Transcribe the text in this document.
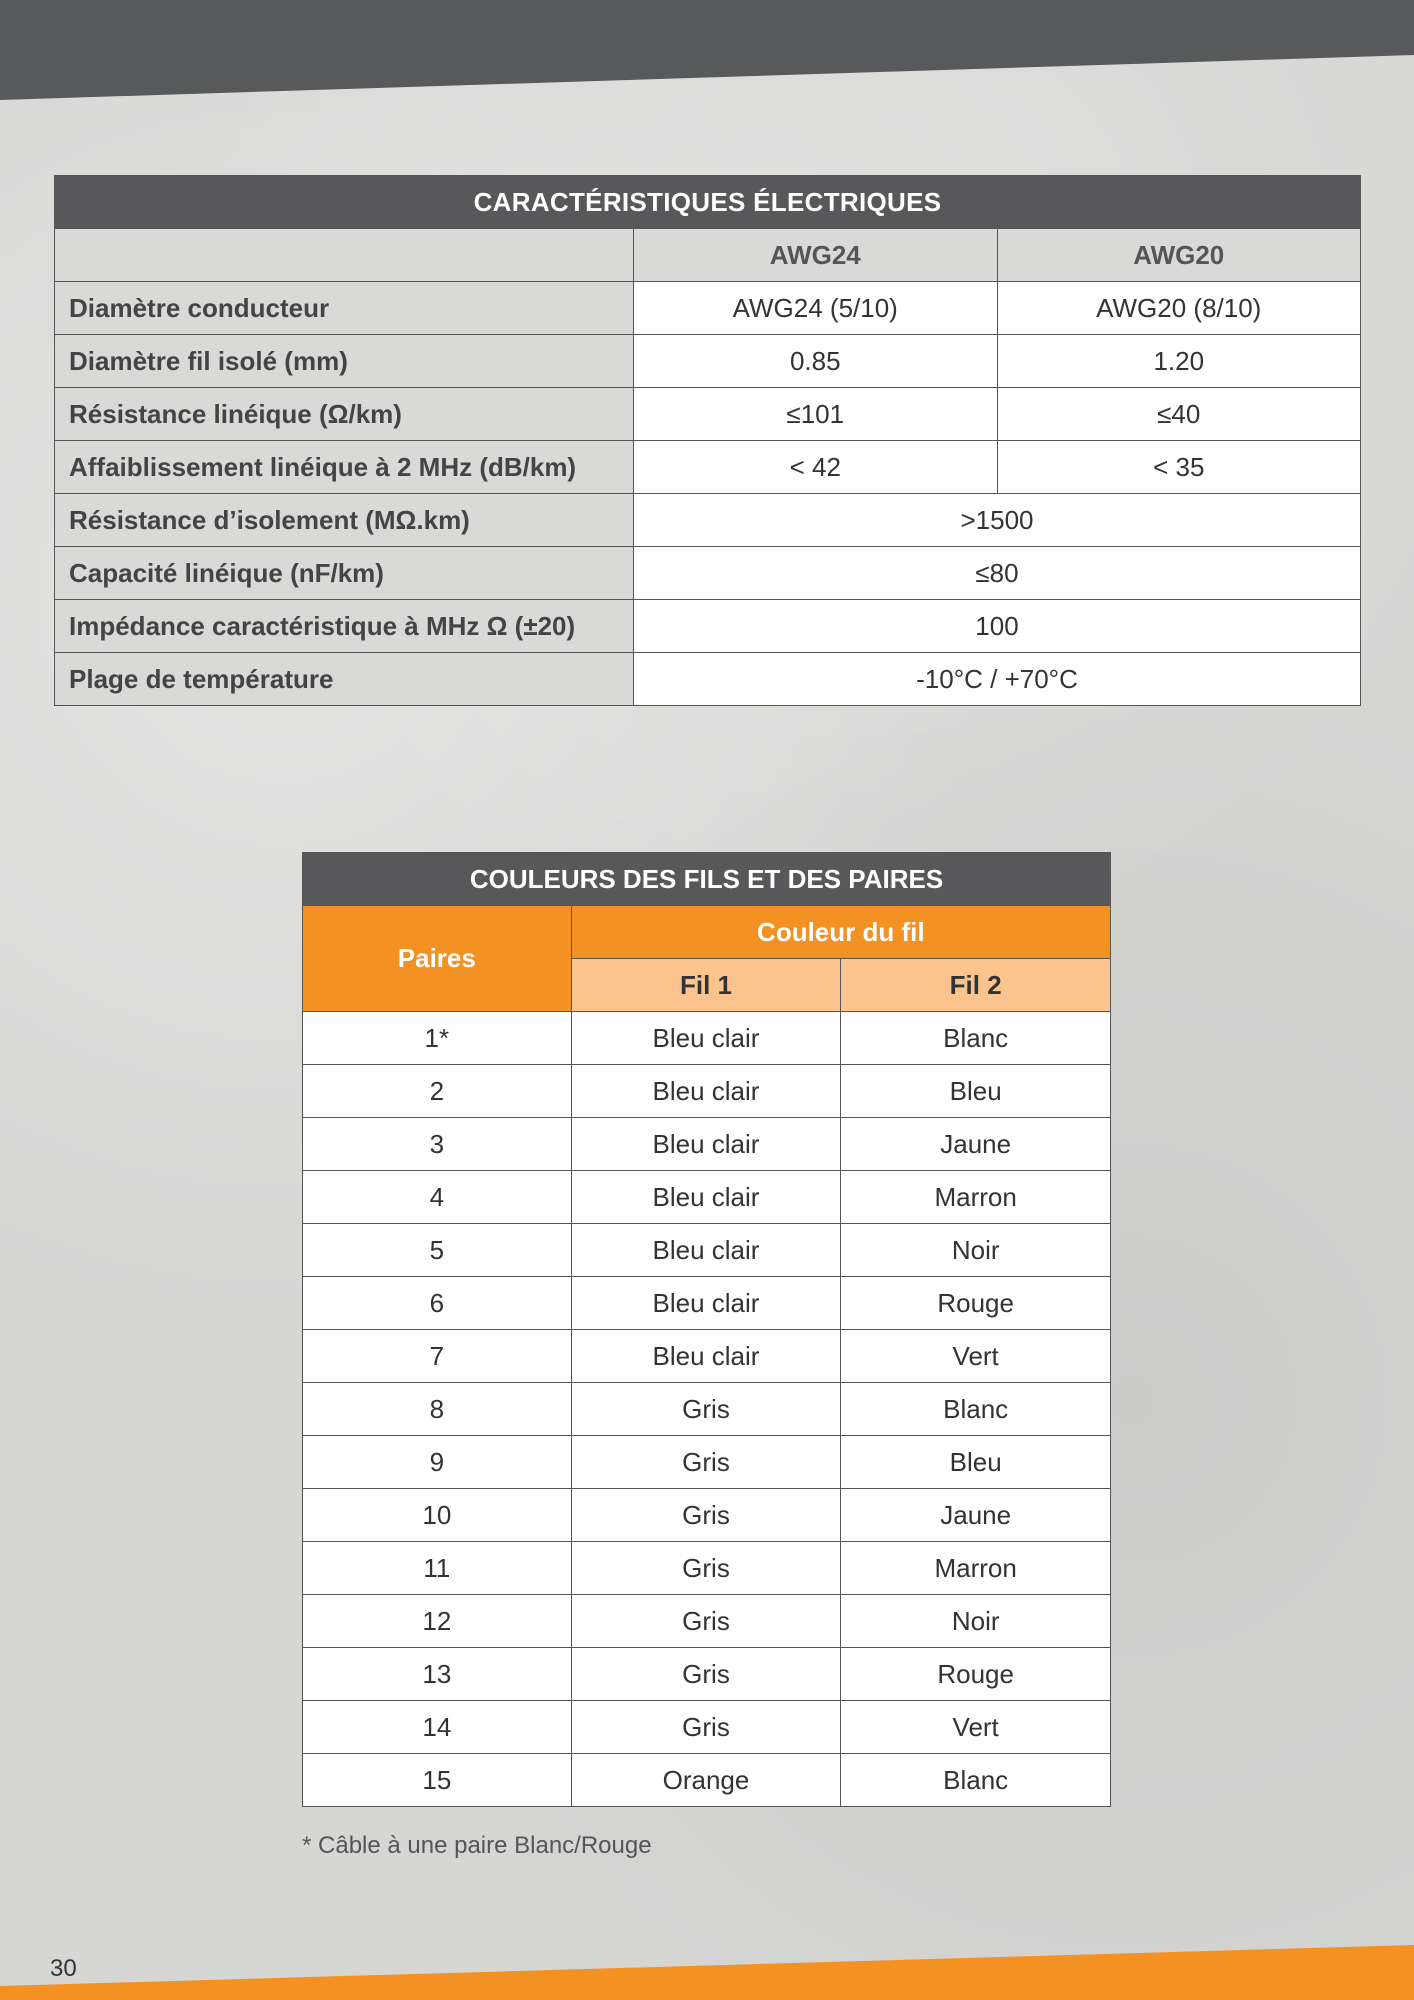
CARACTÉRISTIQUES ÉLECTRIQUES		
	AWG24	AWG20
Diamètre conducteur	AWG24 (5/10)	AWG20 (8/10)
Diamètre fil isolé (mm)	0.85	1.20
Résistance linéique (Ω/km)	≤101	≤40
Affaiblissement linéique à 2 MHz (dB/km)	< 42	< 35
Résistance d’isolement (MΩ.km)	>1500	
Capacité linéique (nF/km)	≤80	
Impédance caractéristique à MHz Ω (±20)	100	
Plage de température	-10°C / +70°C	
COULEURS DES FILS ET DES PAIRES		
Paires	Couleur du fil	
	Fil 1	Fil 2
1*	Bleu clair	Blanc
2	Bleu clair	Bleu
3	Bleu clair	Jaune
4	Bleu clair	Marron
5	Bleu clair	Noir
6	Bleu clair	Rouge
7	Bleu clair	Vert
8	Gris	Blanc
9	Gris	Bleu
10	Gris	Jaune
11	Gris	Marron
12	Gris	Noir
13	Gris	Rouge
14	Gris	Vert
15	Orange	Blanc
* Câble à une paire Blanc/Rouge
30
